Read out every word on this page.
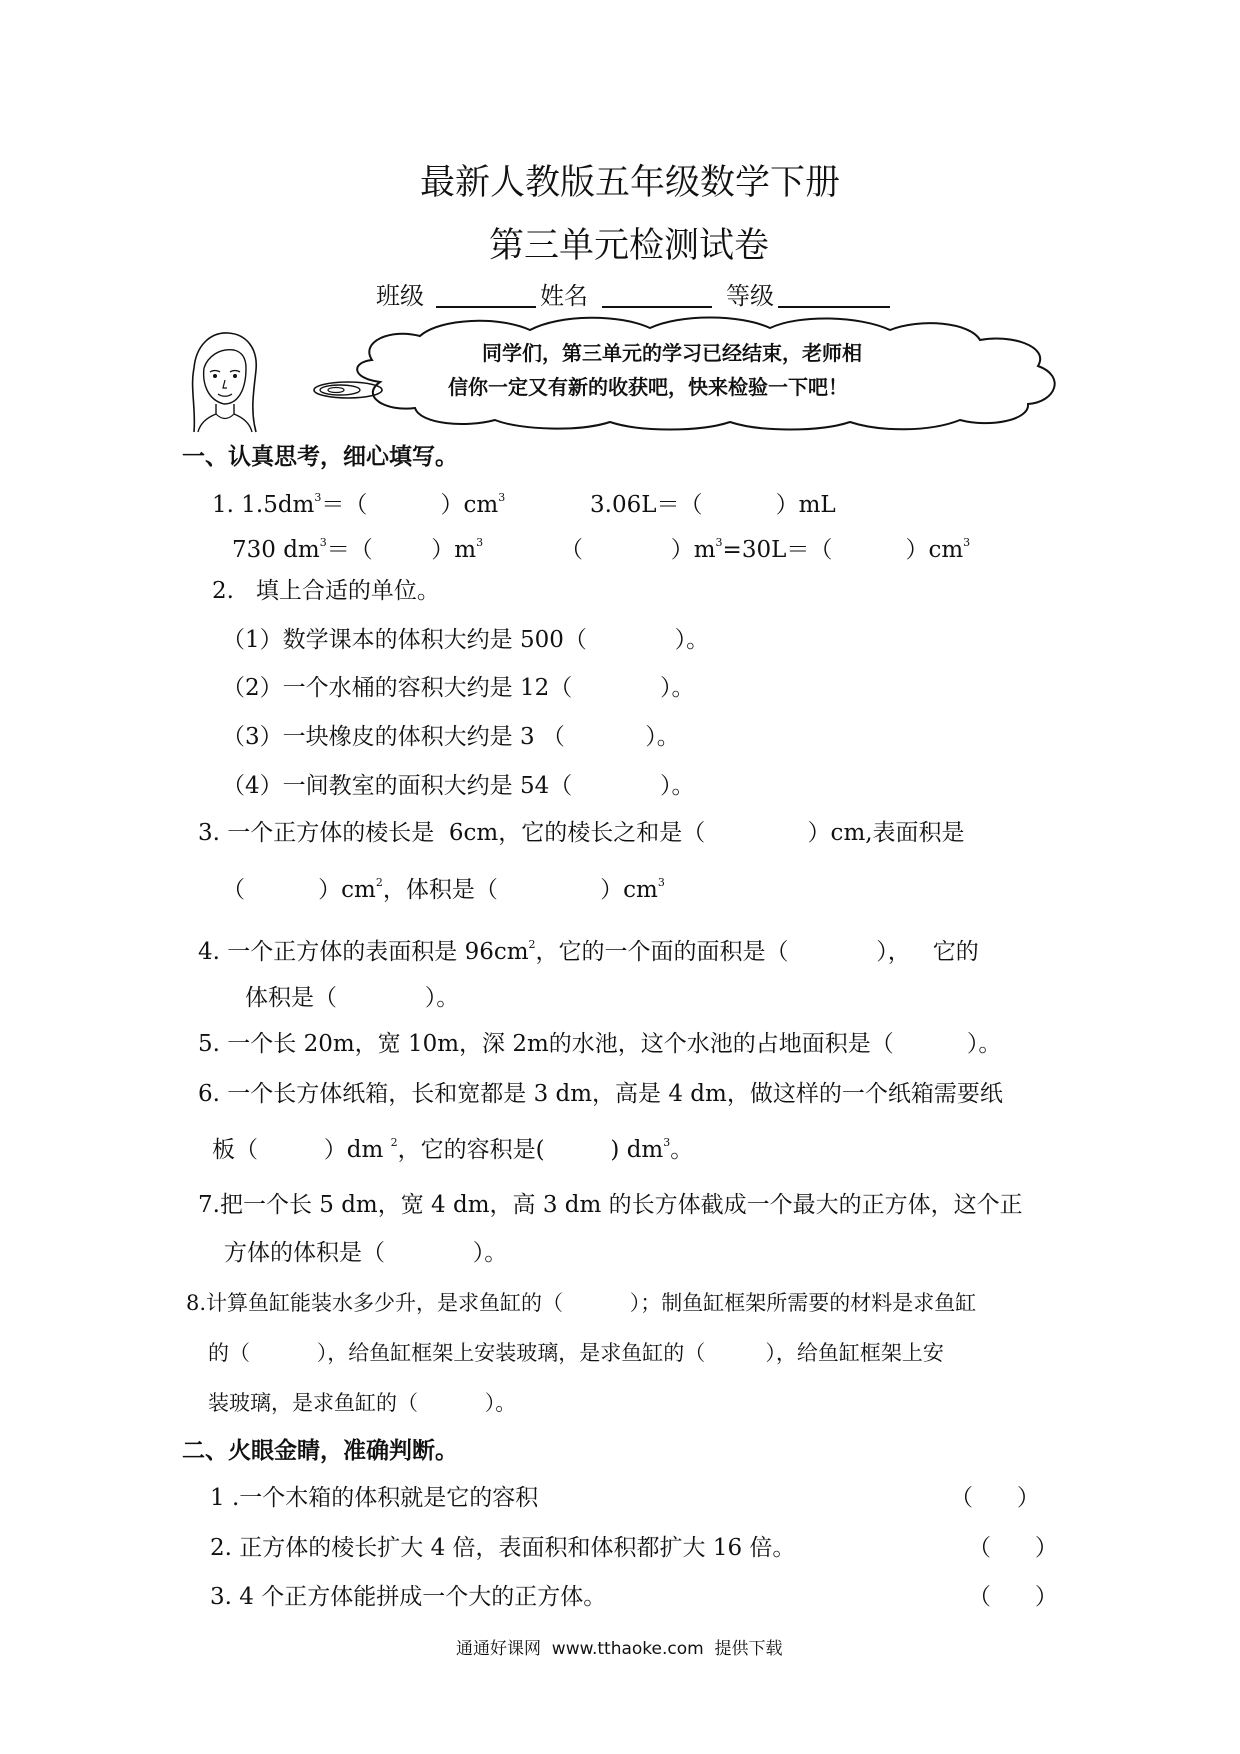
最新人教版五年级数学下册
第三单元检测试卷
班级	姓名	等级
同学们，第三单元的学习已经结束，老师相
信你一定又有新的收获吧，快来检验一下吧！
一、认真思考，细心填写。
1. $1.5dm^3=$（          ）$cm^3$	3.06L＝（          ）mL
730 $dm^3=$（        ）$m^3$	（            ）$m^3=30L=$（          ）$cm^3$
2.   填上合适的单位。
（1）数学课本的体积大约是 500（            ）。
（2）一个水桶的容积大约是 12（            ）。
（3）一块橡皮的体积大约是 3 （           ）。
（4）一间教室的面积大约是 54（            ）。
3. 一个正方体的棱长是  6cm，它的棱长之和是（              ）cm,表面积是
（          ）$cm^2$，体积是（              ）$cm^3$
4. 一个正方体的表面积是 $96cm^2$，它的一个面的面积是（            ），   它的
体积是（            ）。
5. 一个长 20m，宽 10m，深 2m的水池，这个水池的占地面积是（          ）。
6. 一个长方体纸箱，长和宽都是 3 dm，高是 4 dm，做这样的一个纸箱需要纸
板（         ）dm $^2$，它的容积是(         ) $dm^3$。
7.把一个长 5 dm，宽 4 dm，高 3 dm 的长方体截成一个最大的正方体，这个正
方体的体积是（            ）。
8.计算鱼缸能装水多少升，是求鱼缸的（          ）；制鱼缸框架所需要的材料是求鱼缸
的（          ），给鱼缸框架上安装玻璃，是求鱼缸的（         ），给鱼缸框架上安
装玻璃，是求鱼缸的（          ）。
二、火眼金睛，准确判断。
1 .一个木箱的体积就是它的容积	（      ）
2. 正方体的棱长扩大 4 倍，表面积和体积都扩大 16 倍。	（      ）
3. 4 个正方体能拼成一个大的正方体。	（      ）
通通好课网  www.tthaoke.com  提供下载
